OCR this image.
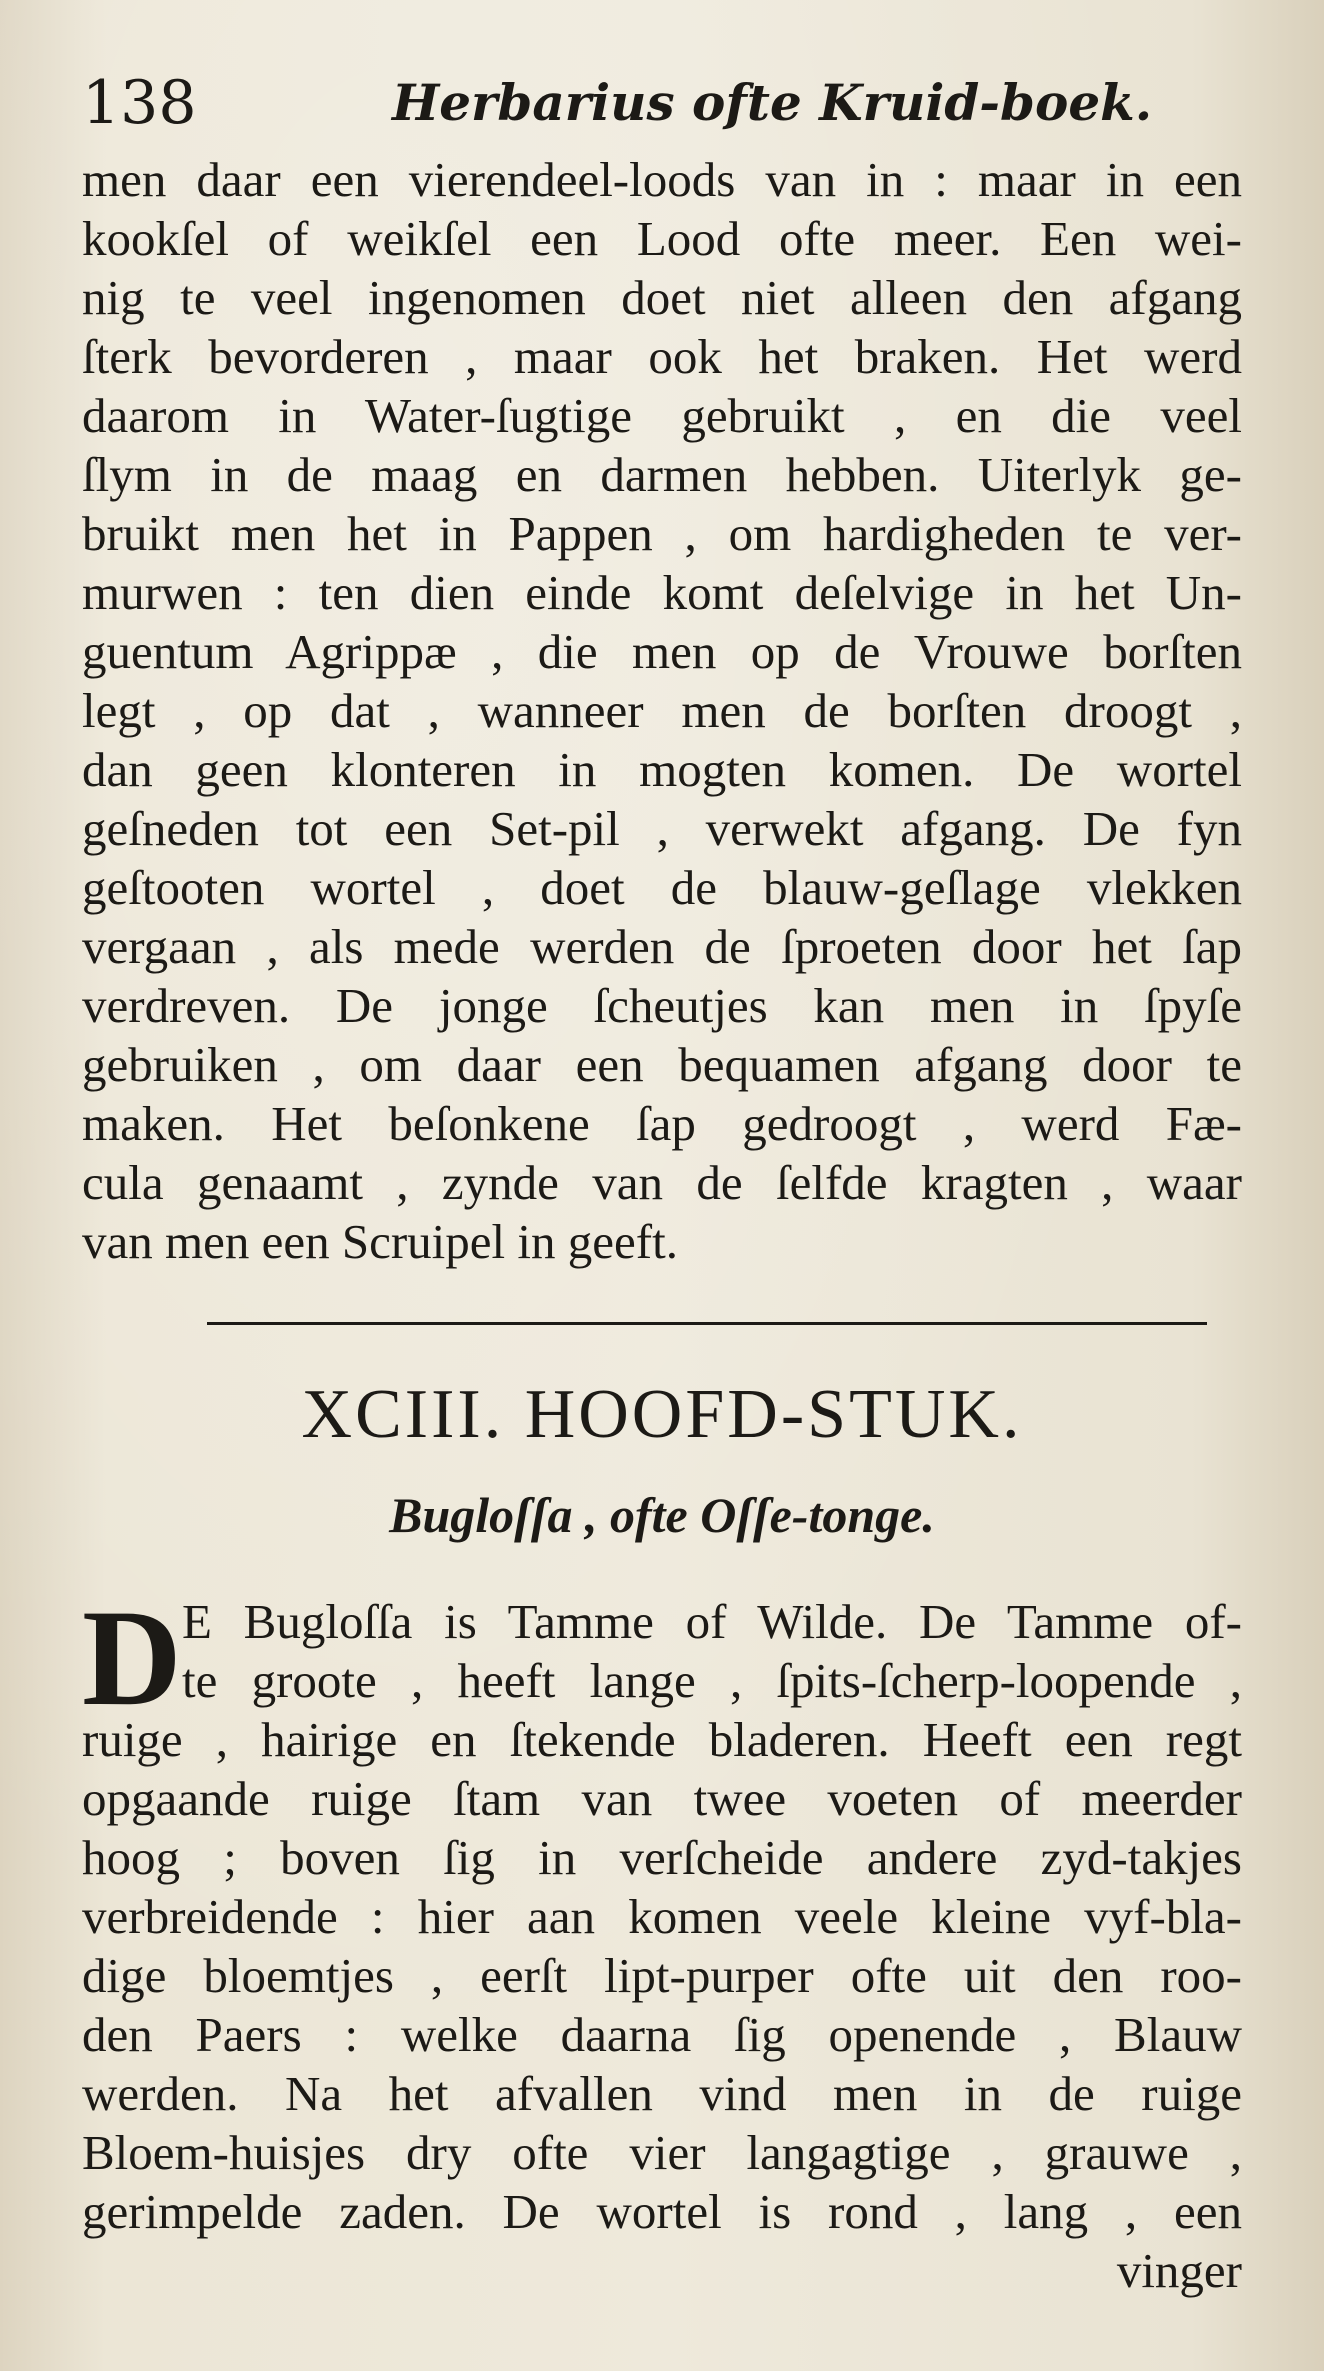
138	Herbarius ofte Kruid-boek.
men daar een vierendeel-loods van in : maar in een
kookſel of weikſel een Lood ofte meer. Een wei-
nig te veel ingenomen doet niet alleen den afgang
ſterk bevorderen , maar ook het braken. Het werd
daarom in Water-ſugtige gebruikt , en die veel
ſlym in de maag en darmen hebben. Uiterlyk ge-
bruikt men het in Pappen , om hardigheden te ver-
murwen : ten dien einde komt deſelvige in het Un-
guentum Agrippæ , die men op de Vrouwe borſten
legt , op dat , wanneer men de borſten droogt ,
dan geen klonteren in mogten komen. De wortel
geſneden tot een Set-pil , verwekt afgang. De fyn
geſtooten wortel , doet de blauw-geſlage vlekken
vergaan , als mede werden de ſproeten door het ſap
verdreven. De jonge ſcheutjes kan men in ſpyſe
gebruiken , om daar een bequamen afgang door te
maken. Het beſonkene ſap gedroogt , werd Fæ-
cula genaamt , zynde van de ſelfde kragten , waar
van men een Scruipel in geeft.
XCIII. HOOFD-STUK.
Bugloſſa , ofte Oſſe-tonge.
D E Bugloſſa is Tamme of Wilde. De Tamme of-
te groote , heeft lange , ſpits-ſcherp-loopende ,
ruige , hairige en ſtekende bladeren. Heeft een regt
opgaande ruige ſtam van twee voeten of meerder
hoog ; boven ſig in verſcheide andere zyd-takjes
verbreidende : hier aan komen veele kleine vyf-bla-
dige bloemtjes , eerſt lipt-purper ofte uit den roo-
den Paers : welke daarna ſig openende , Blauw
werden. Na het afvallen vind men in de ruige
Bloem-huisjes dry ofte vier langagtige , grauwe ,
gerimpelde zaden. De wortel is rond , lang , een
vinger
